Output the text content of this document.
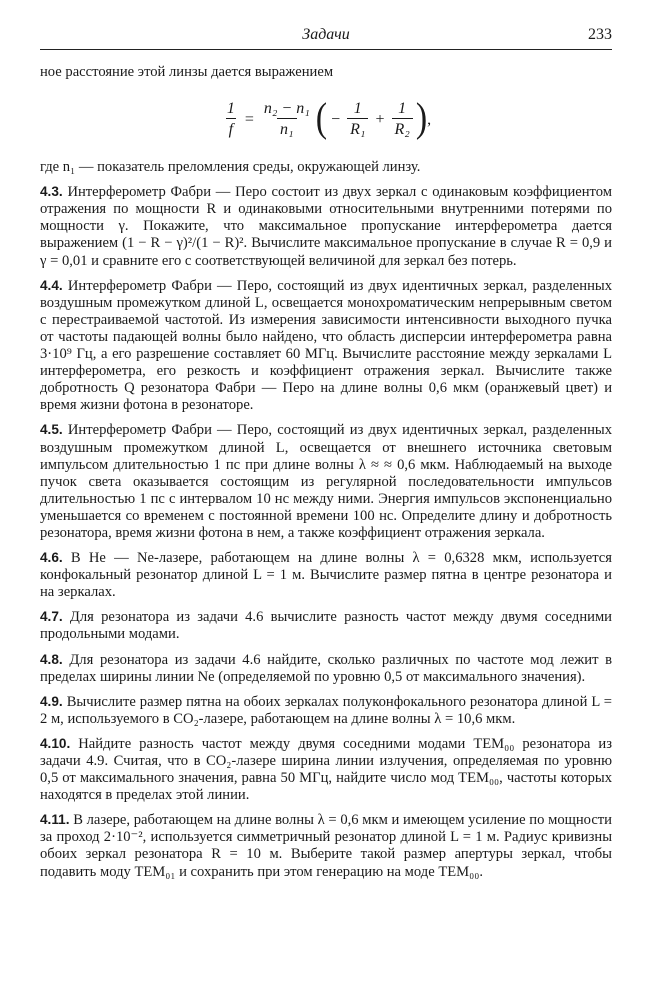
Задачи	233

ное расстояние этой линзы дается выражением

$\frac{1}{f} = \frac{\text{n₂ − n₁}}{\text{n₁}}$ ( − $\frac{1}{\text{R₁}} + \frac{1}{\text{R₂}}$ ) ,

где n₁ — показатель преломления среды, окружающей линзу.

4.3. Интерферометр Фабри — Перо состоит из двух зеркал с одинаковым коэффициентом отражения по мощности R и одинаковыми относительными внутренними потерями по мощности γ. Покажите, что максимальное пропускание интерферометра дается выражением (1 − R − γ)²/(1 − R)². Вычислите максимальное пропускание в случае R = 0,9 и γ = 0,01 и сравните его с соответствующей величиной для зеркал без потерь.

4.4. Интерферометр Фабри — Перо, состоящий из двух идентичных зеркал, разделенных воздушным промежутком длиной L, освещается монохроматическим непрерывным светом с перестраиваемой частотой. Из измерения зависимости интенсивности выходного пучка от частоты падающей волны было найдено, что область дисперсии интерферометра равна 3·10⁹ Гц, а его разрешение составляет 60 МГц. Вычислите расстояние между зеркалами L интерферометра, его резкость и коэффициент отражения зеркал. Вычислите также добротность Q резонатора Фабри — Перо на длине волны 0,6 мкм (оранжевый цвет) и время жизни фотона в резонаторе.

4.5. Интерферометр Фабри — Перо, состоящий из двух идентичных зеркал, разделенных воздушным промежутком длиной L, освещается от внешнего источника световым импульсом длительностью 1 пс при длине волны λ ≈ ≈ 0,6 мкм. Наблюдаемый на выходе пучок света оказывается состоящим из регулярной последовательности импульсов длительностью 1 пс с интервалом 10 нс между ними. Энергия импульсов экспоненциально уменьшается со временем с постоянной времени 100 нс. Определите длину и добротность резонатора, время жизни фотона в нем, а также коэффициент отражения зеркала.

4.6. В He — Ne-лазере, работающем на длине волны λ = 0,6328 мкм, используется конфокальный резонатор длиной L = 1 м. Вычислите размер пятна в центре резонатора и на зеркалах.

4.7. Для резонатора из задачи 4.6 вычислите разность частот между двумя соседними продольными модами.

4.8. Для резонатора из задачи 4.6 найдите, сколько различных по частоте мод лежит в пределах ширины линии Ne (определяемой по уровню 0,5 от максимального значения).

4.9. Вычислите размер пятна на обоих зеркалах полуконфокального резонатора длиной L = 2 м, используемого в CO₂-лазере, работающем на длине волны λ = 10,6 мкм.

4.10. Найдите разность частот между двумя соседними модами TEM₀₀ резонатора из задачи 4.9. Считая, что в CO₂-лазере ширина линии излучения, определяемая по уровню 0,5 от максимального значения, равна 50 МГц, найдите число мод TEM₀₀, частоты которых находятся в пределах этой линии.

4.11. В лазере, работающем на длине волны λ = 0,6 мкм и имеющем усиление по мощности за проход 2·10⁻², используется симметричный резонатор длиной L = 1 м. Радиус кривизны обоих зеркал резонатора R = 10 м. Выберите такой размер апертуры зеркал, чтобы подавить моду TEM₀₁ и сохранить при этом генерацию на моде TEM₀₀.
